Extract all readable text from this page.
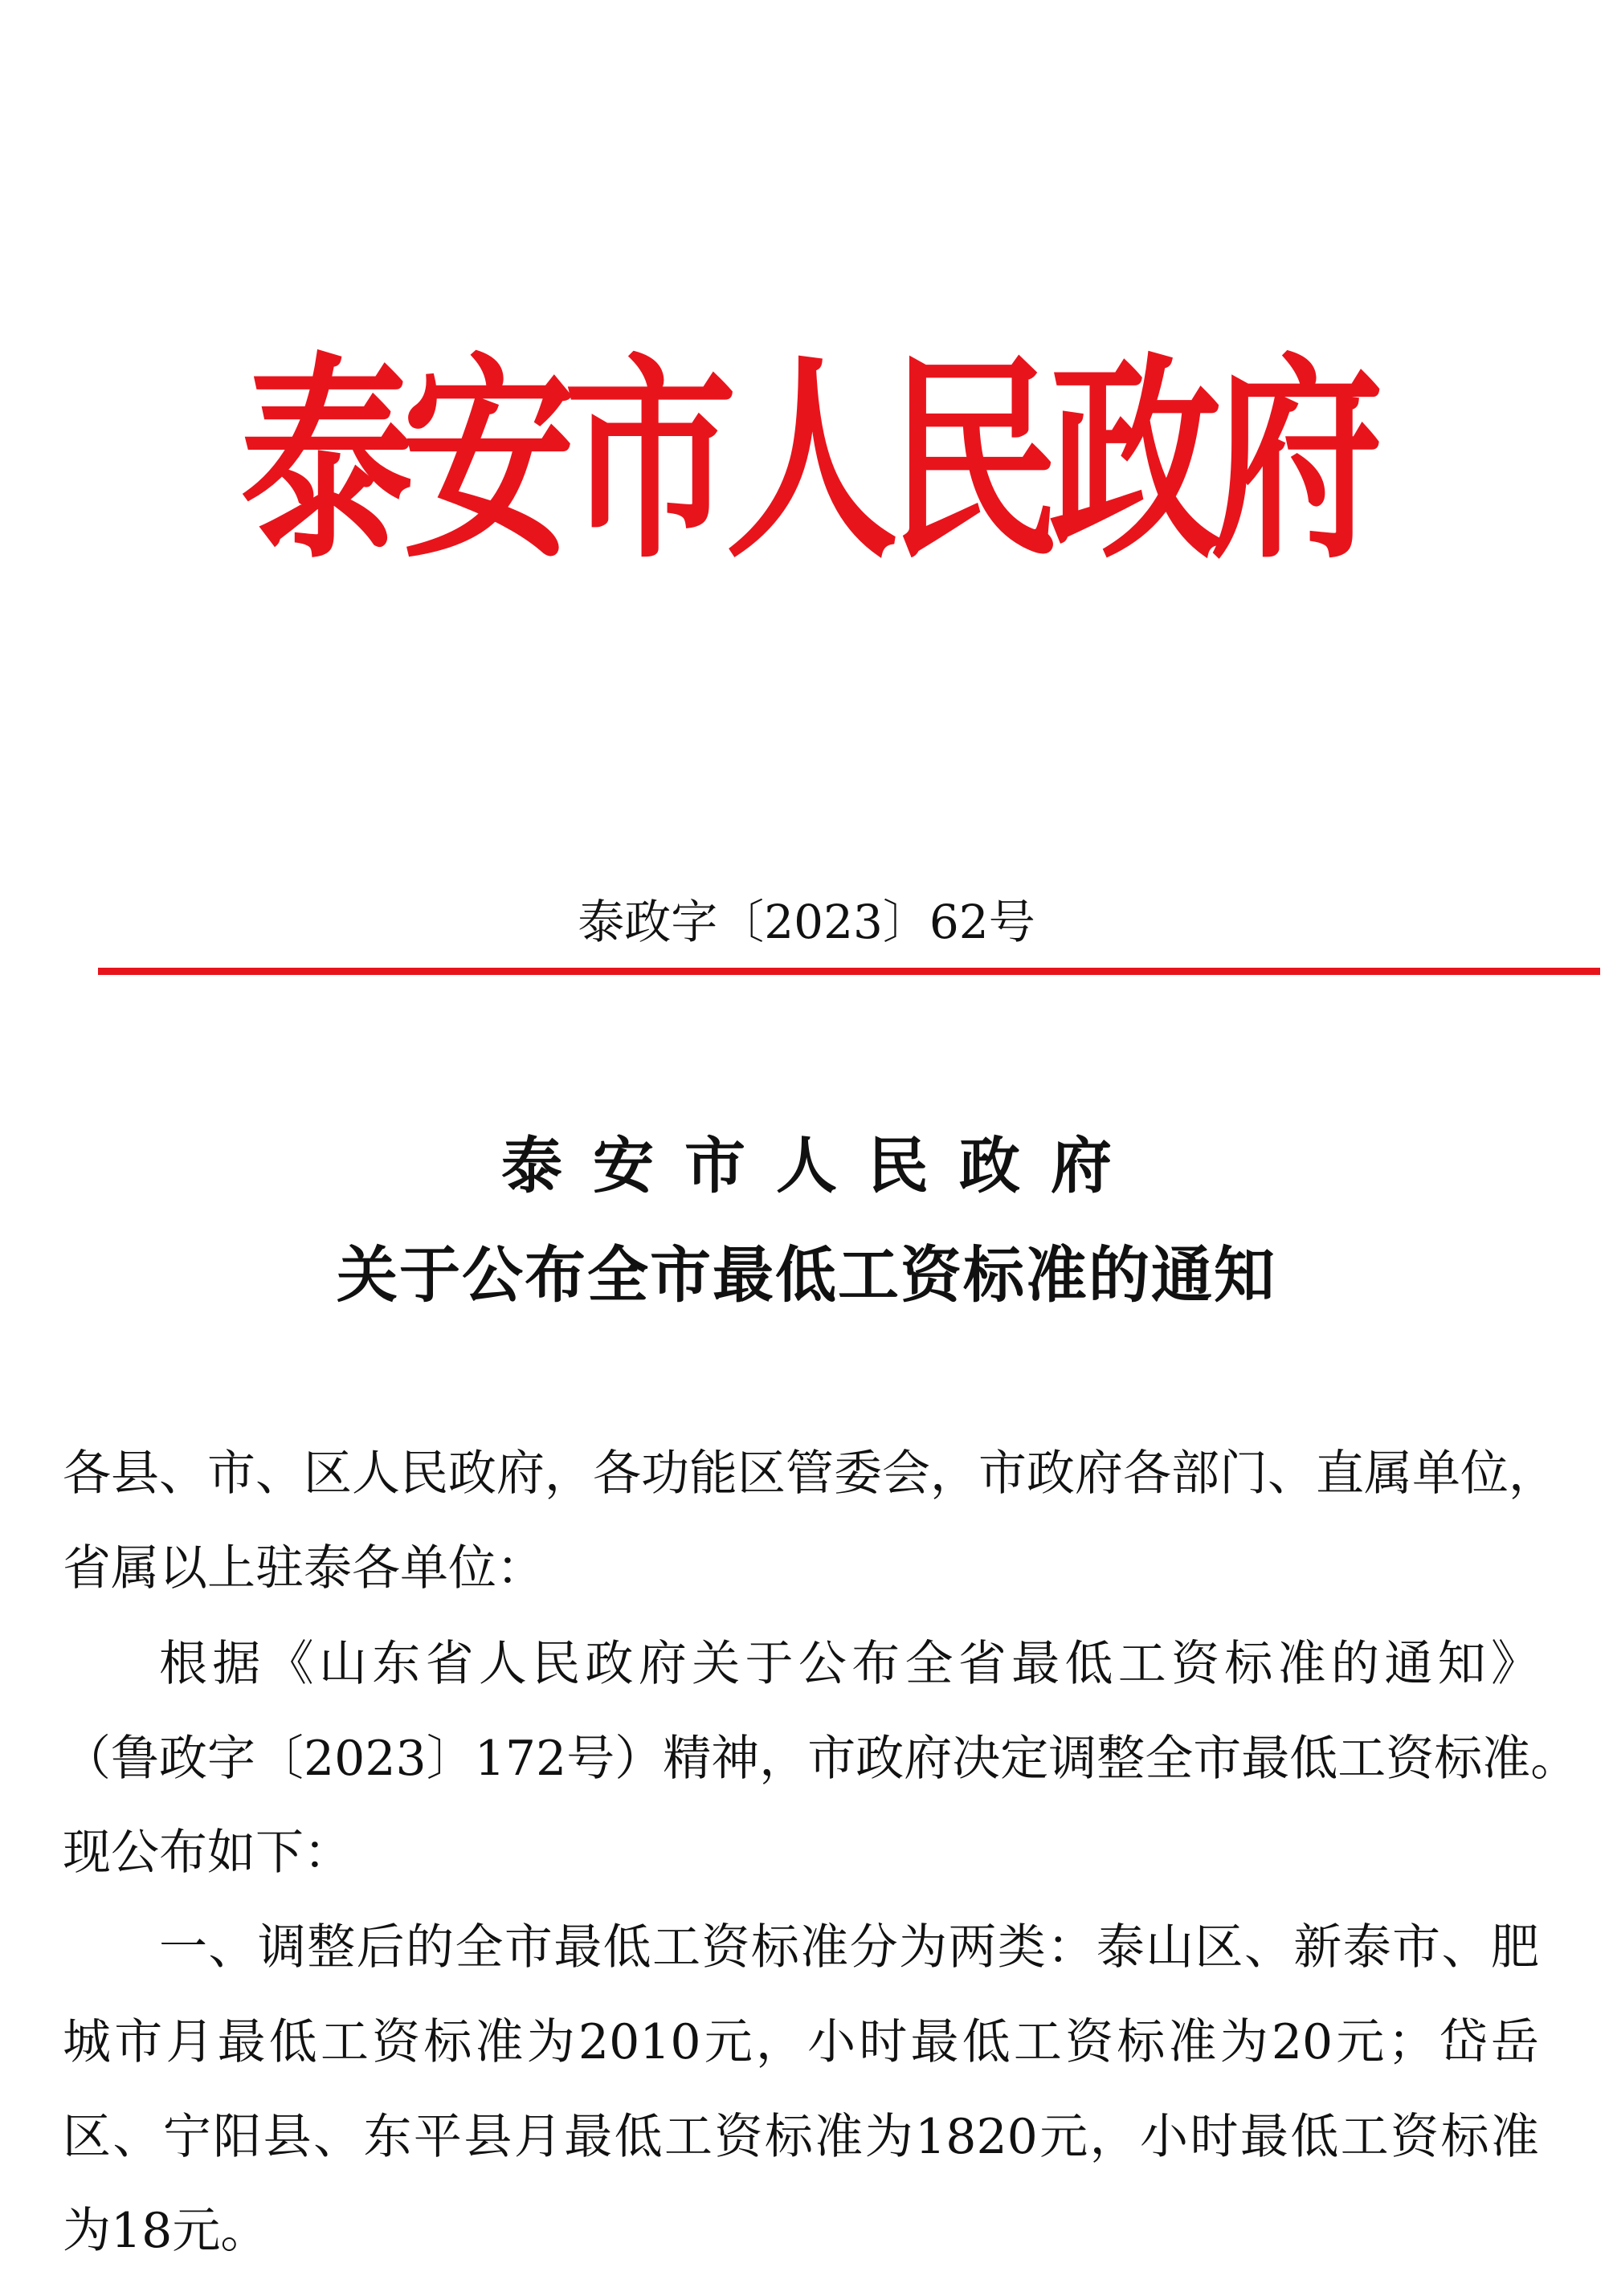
泰安市人民政府
泰政字〔2023〕62号
泰安市人民政府
关于公布全市最低工资标准的通知
各县、市、区人民政府，各功能区管委会，市政府各部门、直属单位，
省属以上驻泰各单位：
根据《山东省人民政府关于公布全省最低工资标准的通知》
（鲁政字〔2023〕172号）精神，市政府决定调整全市最低工资标准。
现公布如下：
一、调整后的全市最低工资标准分为两类：泰山区、新泰市、肥
城市月最低工资标准为2010元，小时最低工资标准为20元；岱岳
区、宁阳县、东平县月最低工资标准为1820元，小时最低工资标准
为18元。
